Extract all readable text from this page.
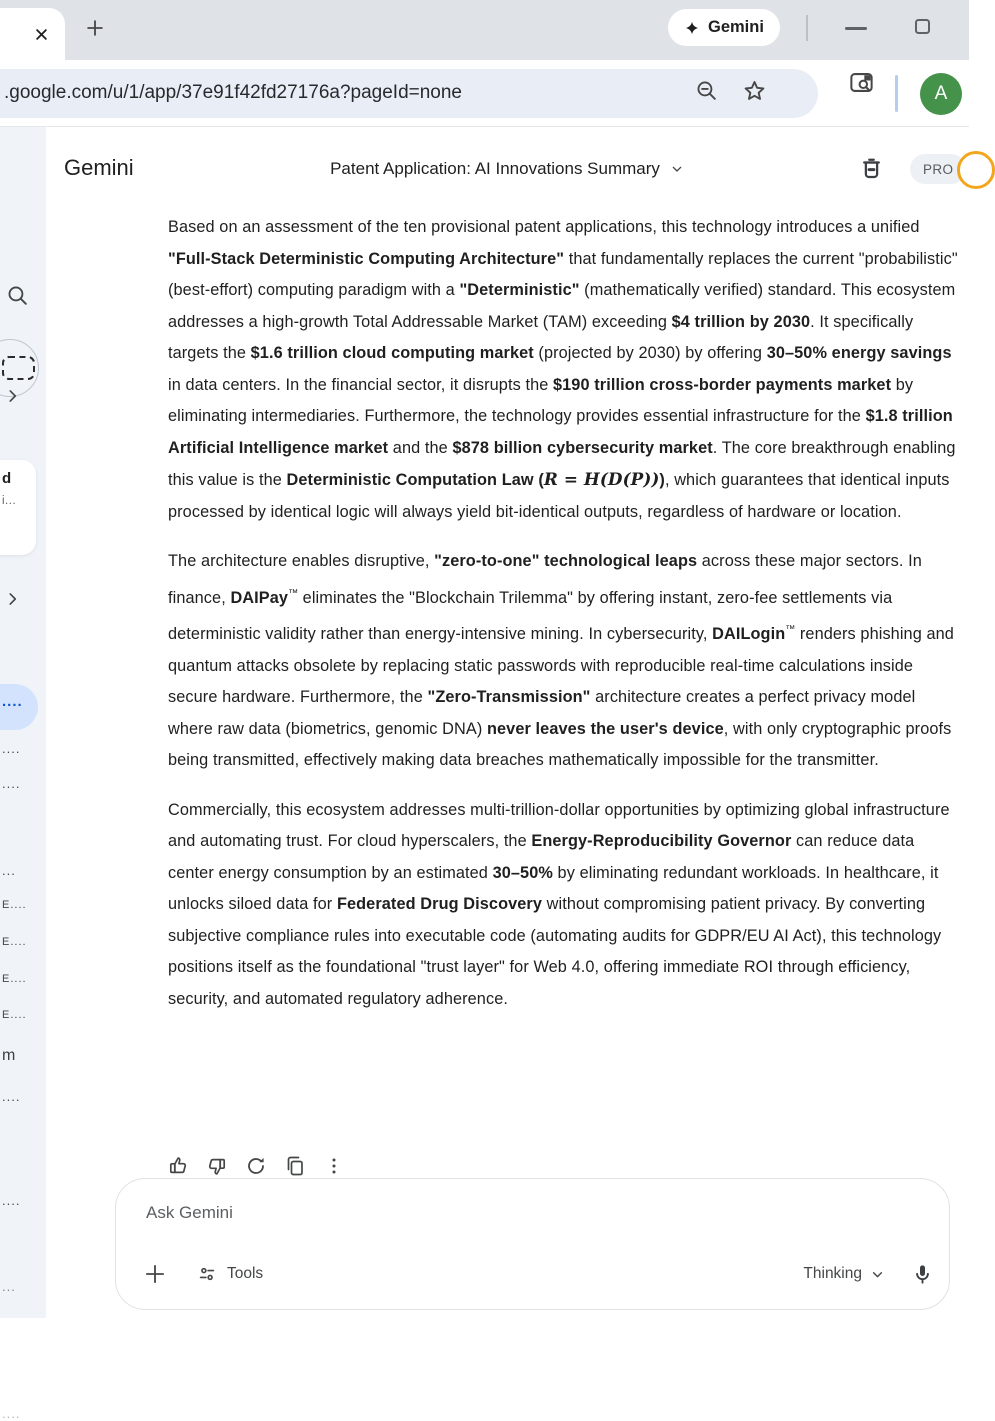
Gemini
.google.com/u/1/app/37e91f42fd27176a?pageId=none	A
d
i...
....
....
....
...
E....
E....
E....
E....
m
....
....
...
....
Gemini	Patent Application: AI Innovations Summary	PRO

Based on an assessment of the ten provisional patent applications, this technology introduces a unified "Full-Stack Deterministic Computing Architecture" that fundamentally replaces the current "probabilistic" (best-effort) computing paradigm with a "Deterministic" (mathematically verified) standard. This ecosystem addresses a high-growth Total Addressable Market (TAM) exceeding $4 trillion by 2030. It specifically targets the $1.6 trillion cloud computing market (projected by 2030) by offering 30–50% energy savings in data centers. In the financial sector, it disrupts the $190 trillion cross-border payments market by eliminating intermediaries. Furthermore, the technology provides essential infrastructure for the $1.8 trillion Artificial Intelligence market and the $878 billion cybersecurity market. The core breakthrough enabling this value is the Deterministic Computation Law (R = H(D(P))), which guarantees that identical inputs processed by identical logic will always yield bit-identical outputs, regardless of hardware or location.

The architecture enables disruptive, "zero-to-one" technological leaps across these major sectors. In finance, DAIPay™ eliminates the "Blockchain Trilemma" by offering instant, zero-fee settlements via deterministic validity rather than energy-intensive mining. In cybersecurity, DAILogin™ renders phishing and quantum attacks obsolete by replacing static passwords with reproducible real-time calculations inside secure hardware. Furthermore, the "Zero-Transmission" architecture creates a perfect privacy model where raw data (biometrics, genomic DNA) never leaves the user's device, with only cryptographic proofs being transmitted, effectively making data breaches mathematically impossible for the transmitter.

Commercially, this ecosystem addresses multi-trillion-dollar opportunities by optimizing global infrastructure and automating trust. For cloud hyperscalers, the Energy-Reproducibility Governor can reduce data center energy consumption by an estimated 30–50% by eliminating redundant workloads. In healthcare, it unlocks siloed data for Federated Drug Discovery without compromising patient privacy. By converting subjective compliance rules into executable code (automating audits for GDPR/EU AI Act), this technology positions itself as the foundational "trust layer" for Web 4.0, offering immediate ROI through efficiency, security, and automated regulatory adherence.

Ask Gemini
Tools	Thinking
